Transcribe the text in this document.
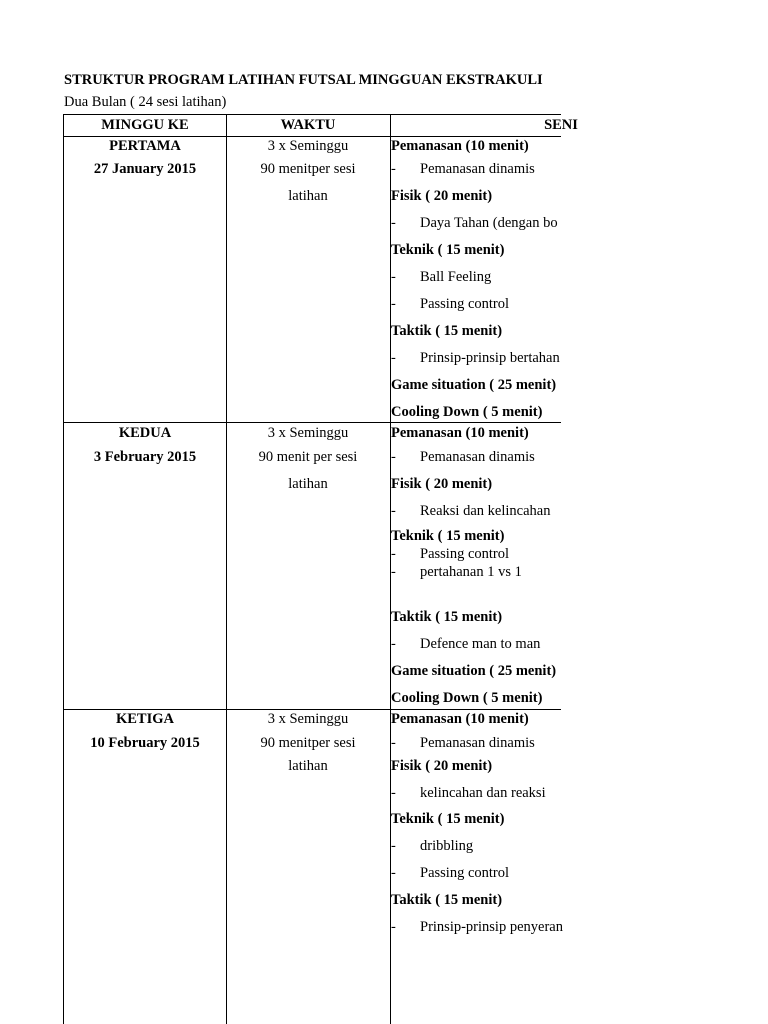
STRUKTUR PROGRAM LATIHAN FUTSAL MINGGUAN EKSTRAKULI
Dua Bulan ( 24 sesi latihan)
MINGGU KE	WAKTU	SENI
PERTAMA
27 January 2015
3 x Seminggu
90 menitper sesi
latihan
Pemanasan (10 menit)
- Pemanasan dinamis
Fisik ( 20 menit)
- Daya Tahan (dengan bo
Teknik ( 15 menit)
- Ball Feeling
- Passing control
Taktik ( 15 menit)
- Prinsip-prinsip bertahan
Game situation ( 25 menit)
Cooling Down ( 5 menit)
KEDUA
3 February 2015
3 x Seminggu
90 menit per sesi
latihan
Pemanasan (10 menit)
- Pemanasan dinamis
Fisik ( 20 menit)
- Reaksi dan kelincahan
Teknik ( 15 menit)
- Passing control
- pertahanan 1 vs 1
Taktik ( 15 menit)
- Defence man to man
Game situation ( 25 menit)
Cooling Down ( 5 menit)
KETIGA
10 February 2015
3 x Seminggu
90 menitper sesi
latihan
Pemanasan (10 menit)
- Pemanasan dinamis
Fisik ( 20 menit)
- kelincahan dan reaksi
Teknik ( 15 menit)
- dribbling
- Passing control
Taktik ( 15 menit)
- Prinsip-prinsip penyeran
